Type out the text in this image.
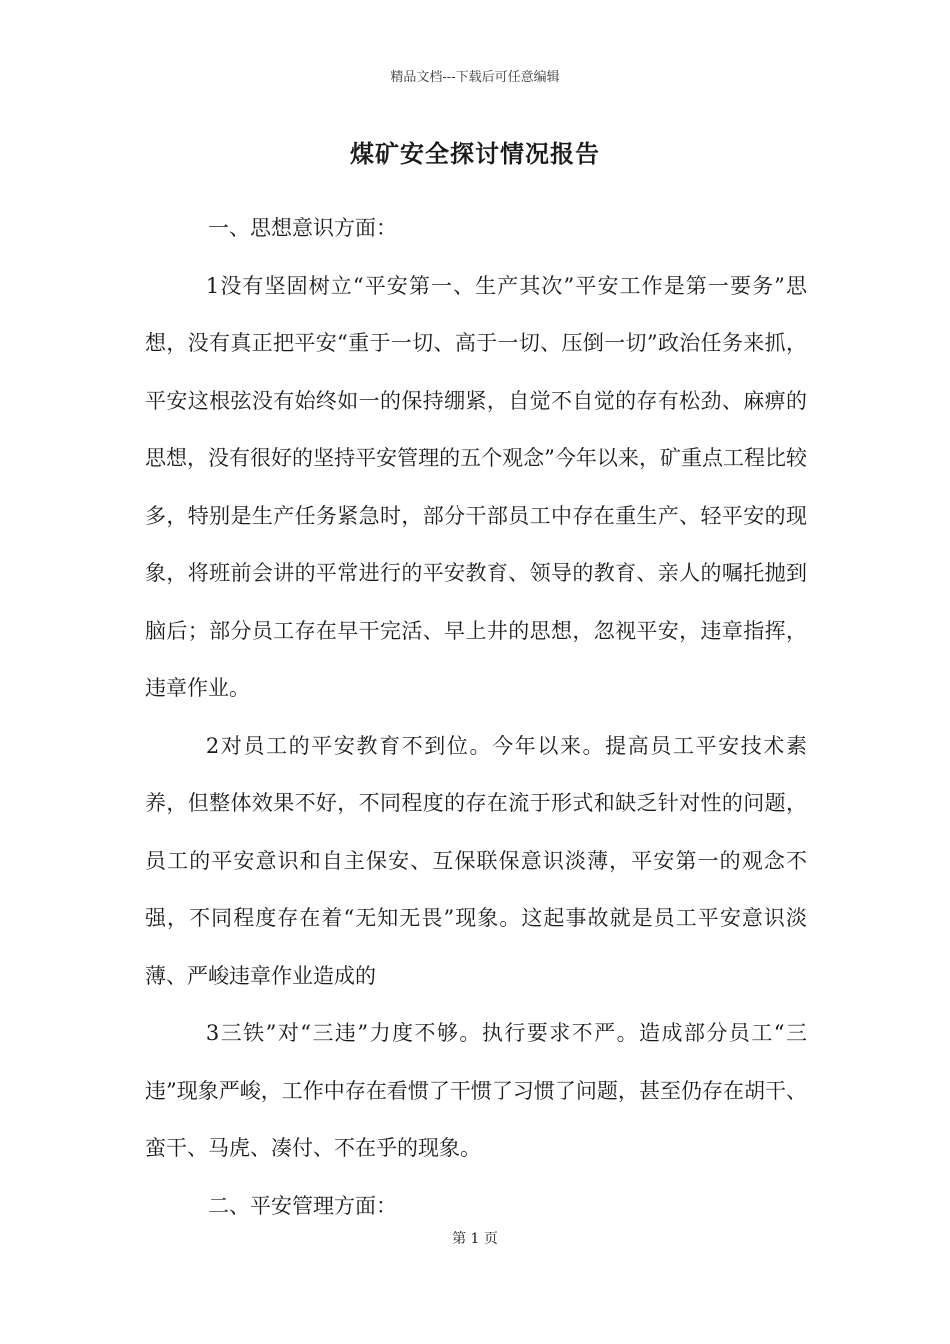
精品文档---下载后可任意编辑
煤矿安全探讨情况报告

一、思想意识方面：

1没有坚固树立“平安第一、生产其次”平安工作是第一要务”思想，没有真正把平安“重于一切、高于一切、压倒一切”政治任务来抓，平安这根弦没有始终如一的保持绷紧，自觉不自觉的存有松劲、麻痹的思想，没有很好的坚持平安管理的五个观念”今年以来，矿重点工程比较多，特别是生产任务紧急时，部分干部员工中存在重生产、轻平安的现象，将班前会讲的平常进行的平安教育、领导的教育、亲人的嘱托抛到脑后；部分员工存在早干完活、早上井的思想，忽视平安，违章指挥，违章作业。

2对员工的平安教育不到位。今年以来。提高员工平安技术素养，但整体效果不好，不同程度的存在流于形式和缺乏针对性的问题，员工的平安意识和自主保安、互保联保意识淡薄，平安第一的观念不强，不同程度存在着“无知无畏”现象。这起事故就是员工平安意识淡薄、严峻违章作业造成的

3三铁”对“三违”力度不够。执行要求不严。造成部分员工“三违”现象严峻，工作中存在看惯了干惯了习惯了问题，甚至仍存在胡干、蛮干、马虎、凑付、不在乎的现象。

二、平安管理方面：

第 1 页
